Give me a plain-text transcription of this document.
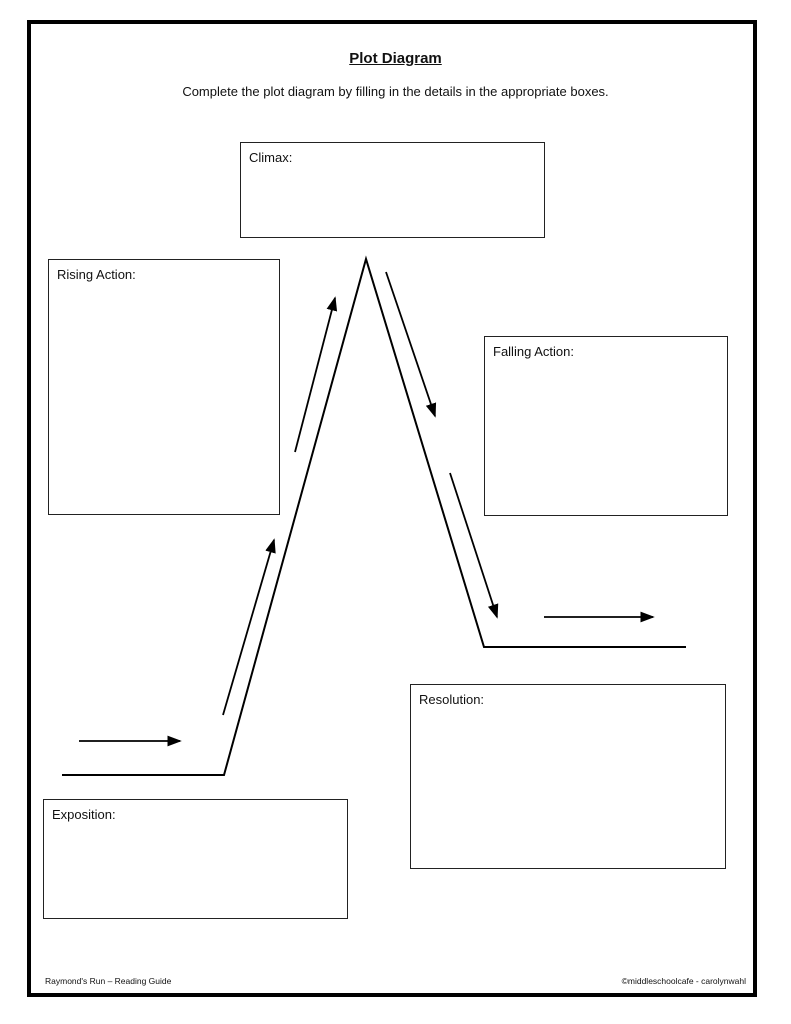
Plot Diagram
Complete the plot diagram by filling in the details in the appropriate boxes.
Climax:
Rising Action:
Falling Action:
Resolution:
Exposition:
Raymond's Run – Reading Guide	©middleschoolcafe - carolynwahl
